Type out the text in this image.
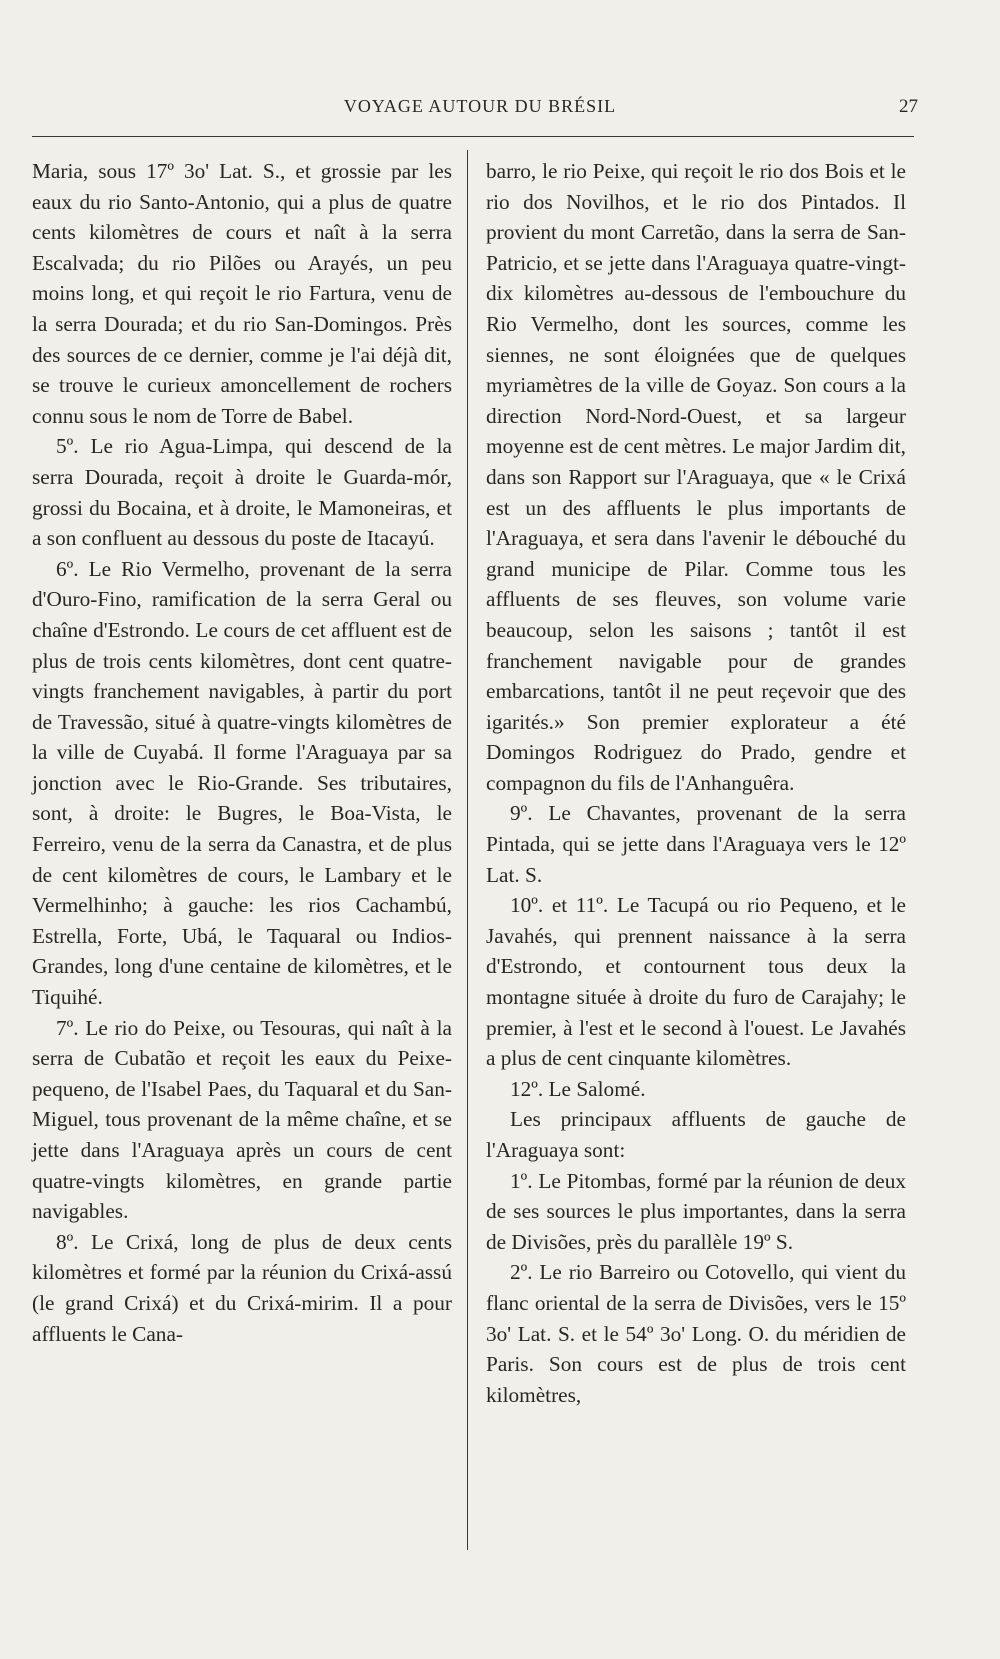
VOYAGE AUTOUR DU BRÉSIL	27

Maria, sous 17º 3o' Lat. S., et grossie par les eaux du rio Santo-Antonio, qui a plus de quatre cents kilomètres de cours et naît à la serra Escalvada; du rio Pilões ou Arayés, un peu moins long, et qui reçoit le rio Fartura, venu de la serra Dourada; et du rio San-Domingos. Près des sources de ce dernier, comme je l'ai déjà dit, se trouve le curieux amoncellement de rochers connu sous le nom de Torre de Babel.

5º. Le rio Agua-Limpa, qui descend de la serra Dourada, reçoit à droite le Guarda-mór, grossi du Bocaina, et à droite, le Mamoneiras, et a son confluent au dessous du poste de Itacayú.

6º. Le Rio Vermelho, provenant de la serra d'Ouro-Fino, ramification de la serra Geral ou chaîne d'Estrondo. Le cours de cet affluent est de plus de trois cents kilomètres, dont cent quatre-vingts franchement navigables, à partir du port de Travessão, situé à quatre-vingts kilomètres de la ville de Cuyabá. Il forme l'Araguaya par sa jonction avec le Rio-Grande. Ses tributaires, sont, à droite: le Bugres, le Boa-Vista, le Ferreiro, venu de la serra da Canastra, et de plus de cent kilomètres de cours, le Lambary et le Vermelhinho; à gauche: les rios Cachambú, Estrella, Forte, Ubá, le Taquaral ou Indios-Grandes, long d'une centaine de kilomètres, et le Tiquihé.

7º. Le rio do Peixe, ou Tesouras, qui naît à la serra de Cubatão et reçoit les eaux du Peixe-pequeno, de l'Isabel Paes, du Taquaral et du San-Miguel, tous provenant de la même chaîne, et se jette dans l'Araguaya après un cours de cent quatre-vingts kilomètres, en grande partie navigables.

8º. Le Crixá, long de plus de deux cents kilomètres et formé par la réunion du Crixá-assú (le grand Crixá) et du Crixá-mirim. Il a pour affluents le Cana-

barro, le rio Peixe, qui reçoit le rio dos Bois et le rio dos Novilhos, et le rio dos Pintados. Il provient du mont Carretão, dans la serra de San-Patricio, et se jette dans l'Araguaya quatre-vingt-dix kilomètres au-dessous de l'embouchure du Rio Vermelho, dont les sources, comme les siennes, ne sont éloignées que de quelques myriamètres de la ville de Goyaz. Son cours a la direction Nord-Nord-Ouest, et sa largeur moyenne est de cent mètres. Le major Jardim dit, dans son Rapport sur l'Araguaya, que « le Crixá est un des affluents le plus importants de l'Araguaya, et sera dans l'avenir le débouché du grand municipe de Pilar. Comme tous les affluents de ses fleuves, son volume varie beaucoup, selon les saisons ; tantôt il est franchement navigable pour de grandes embarcations, tantôt il ne peut reçevoir que des igarités.» Son premier explorateur a été Domingos Rodriguez do Prado, gendre et compagnon du fils de l'Anhanguêra.

9º. Le Chavantes, provenant de la serra Pintada, qui se jette dans l'Araguaya vers le 12º Lat. S.

10º. et 11º. Le Tacupá ou rio Pequeno, et le Javahés, qui prennent naissance à la serra d'Estrondo, et contournent tous deux la montagne située à droite du furo de Carajahy; le premier, à l'est et le second à l'ouest. Le Javahés a plus de cent cinquante kilomètres.

12º. Le Salomé.

Les principaux affluents de gauche de l'Araguaya sont:

1º. Le Pitombas, formé par la réunion de deux de ses sources le plus importantes, dans la serra de Divisões, près du parallèle 19º S.

2º. Le rio Barreiro ou Cotovello, qui vient du flanc oriental de la serra de Divisões, vers le 15º 3o' Lat. S. et le 54º 3o' Long. O. du méridien de Paris. Son cours est de plus de trois cent kilomètres,
